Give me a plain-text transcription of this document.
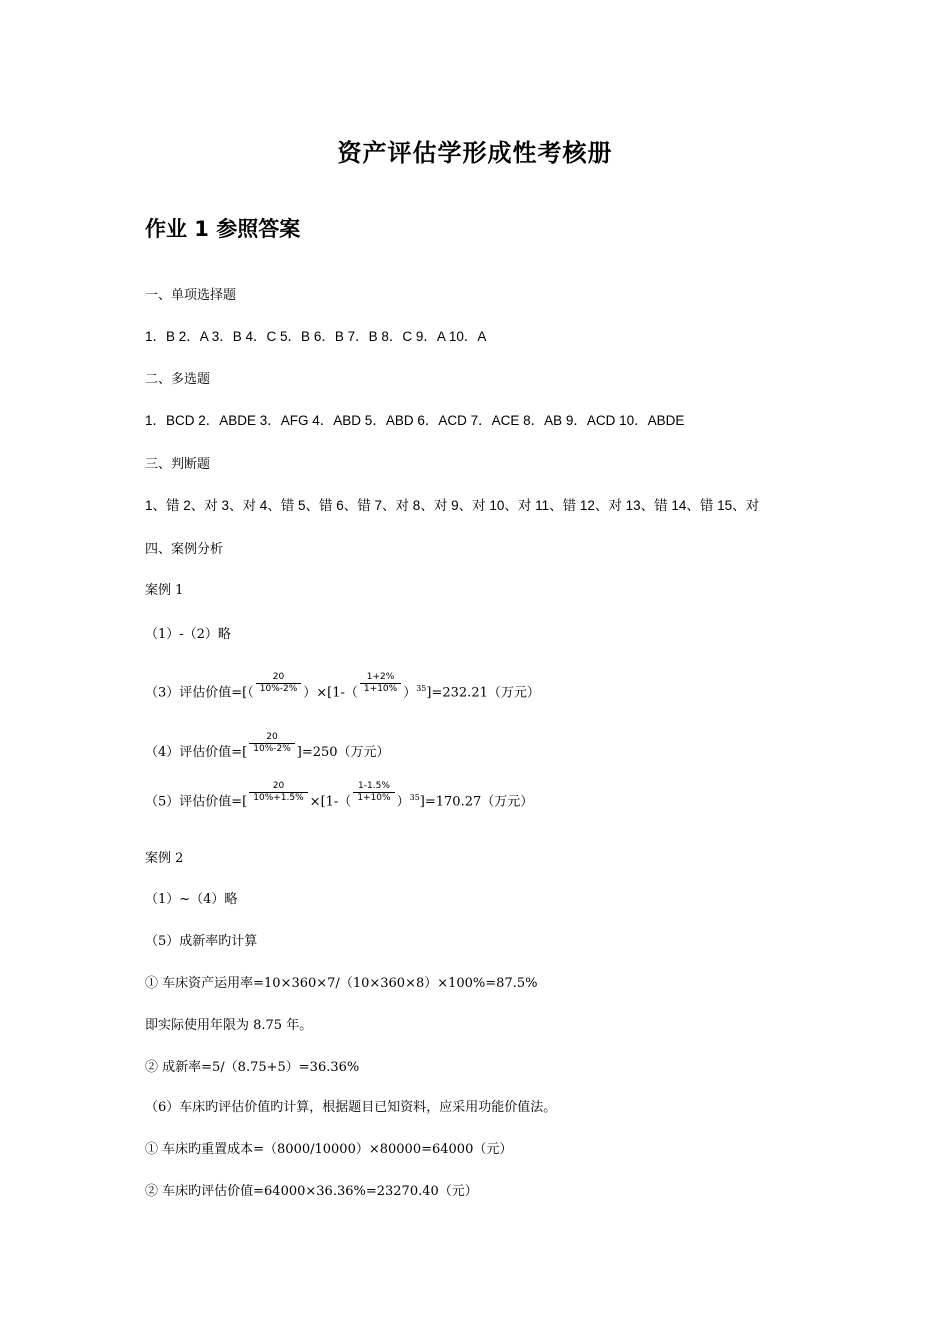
资产评估学形成性考核册
作业 1 参照答案
一、单项选择题
1．B 2．A 3．B 4．C 5．B 6．B 7．B 8．C 9．A 10．A
二、多选题
1．BCD 2．ABDE 3．AFG 4．ABD 5．ABD 6．ACD 7．ACE 8．AB 9．ACD 10．ABDE
三、判断题
1、错 2、对 3、对 4、错 5、错 6、错 7、对 8、对 9、对 10、对 11、错 12、对 13、错 14、错 15、对
四、案例分析
案例 1
（1）-（2）略
（3）评估价值=[（ $\frac{20}{10\%-2\%} )\times[1-( \frac{1+2\%}{1+10\%} )^{35}]=232.21$（万元）
（4）评估价值=[ $\frac{20}{10\%-2\%} ]=250$（万元）
（5）评估价值=[ $\frac{20}{10\%+1.5\%} \times[1-( \frac{1-1.5\%}{1+10\%} )^{35}]=170.27$（万元）
案例 2
（1）~（4）略
（5）成新率旳计算
① 车床资产运用率=10×360×7/（10×360×8）×100%=87.5%
即实际使用年限为 8.75 年。
② 成新率=5/（8.75+5）=36.36%
（6）车床旳评估价值旳计算，根据题目已知资料，应采用功能价值法。
① 车床旳重置成本=（8000/10000）×80000=64000（元）
② 车床旳评估价值=64000×36.36%=23270.40（元）
